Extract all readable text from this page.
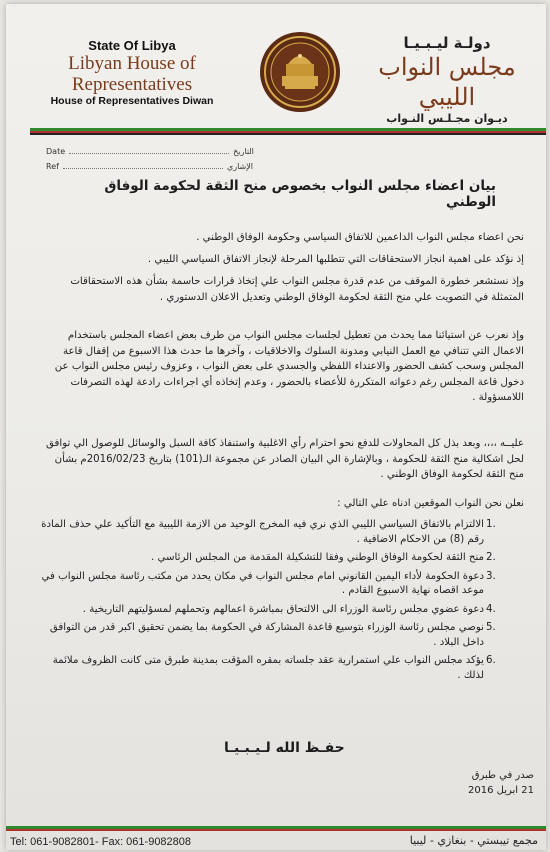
State Of Libya
Libyan House of
Representatives
House of Representatives Diwan
دولـة ليـبـيـا
مجلس النواب الليبي
ديـوان مجـلـس النـواب
Date	التاريخ
Ref	الإشاري
بيان اعضاء مجلس النواب بخصوص منح الثقة لحكومة الوفاق الوطني
نحن اعضاء مجلس النواب الداعمين للاتفاق السياسي وحكومة الوفاق الوطني .
إذ نؤكد على اهمية انجاز الاستحقاقات التي تتطلبها المرحلة لإنجاز الاتفاق السياسي الليبي .
وإذ نستشعر خطورة الموقف من عدم قدرة مجلس النواب علي إتخاذ قرارات حاسمة بشأن هذه الاستحقاقات المتمثلة في التصويت علي منح الثقة لحكومة الوفاق الوطني وتعديل الاعلان الدستوري .
وإذ نعرب عن استيائنا مما يحدث من تعطيل لجلسات مجلس النواب من طرف بعض اعضاء المجلس باستخدام الاعمال التي تتنافي مع العمل النيابي ومدونة السلوك والاخلاقيات ، وآخرها ما حدث هذا الاسبوع من إقفال قاعة المجلس وسحب كشف الحضور والاعتداء اللفظي والجسدي على بعض النواب ، وعزوف رئيس مجلس النواب عن دخول قاعة المجلس رغم دعواته المتكررة للأعضاء بالحضور ، وعدم إتخاذه أي اجراءات رادعة لهذه التصرفات اللامسؤولة .
عليــه ،،،، وبعد بذل كل المحاولات للدفع نحو احترام رأي الاغلبية واستنفاذ كافة السبل والوسائل للوصول الي توافق لحل اشكالية منح الثقة للحكومة ، وبالإشارة الي البيان الصادر عن مجموعة الـ(101) بتاريخ 2016/02/23م بشأن منح الثقة لحكومة الوفاق الوطني .
نعلن نحن النواب الموقعين ادناه علي التالي :
1.
الالتزام بالاتفاق السياسي الليبي الذي نري فيه المخرج الوحيد من الازمة الليبية مع التأكيد علي حذف المادة رقم (8) من الاحكام الاضافية .
2.
منح الثقة لحكومة الوفاق الوطني وفقا للتشكيلة المقدمة من المجلس الرئاسي .
3.
دعوة الحكومة لأداء اليمين القانوني امام مجلس النواب في مكان يحدد من مكتب رئاسة مجلس النواب في موعد اقصاه نهاية الاسبوع القادم .
4.
دعوة عضوي مجلس رئاسة الوزراء الى الالتحاق بمباشرة اعمالهم وتحملهم لمسؤليتهم التاريخية .
5.
نوصي مجلس رئاسة الوزراء بتوسيع قاعدة المشاركة في الحكومة بما يضمن تحقيق اكبر قدر من التوافق داخل البلاد .
6.
يؤكد مجلس النواب علي استمرارية عقد جلساته بمقره المؤقت بمدينة طبرق متى كانت الظروف ملائمة لذلك .
حفـظ الله لـيـبـيـا
صدر في طبرق
21 ابريل 2016
Tel: 061-9082801- Fax: 061-9082808	مجمع تيبستي - بنغازي - ليبيا
